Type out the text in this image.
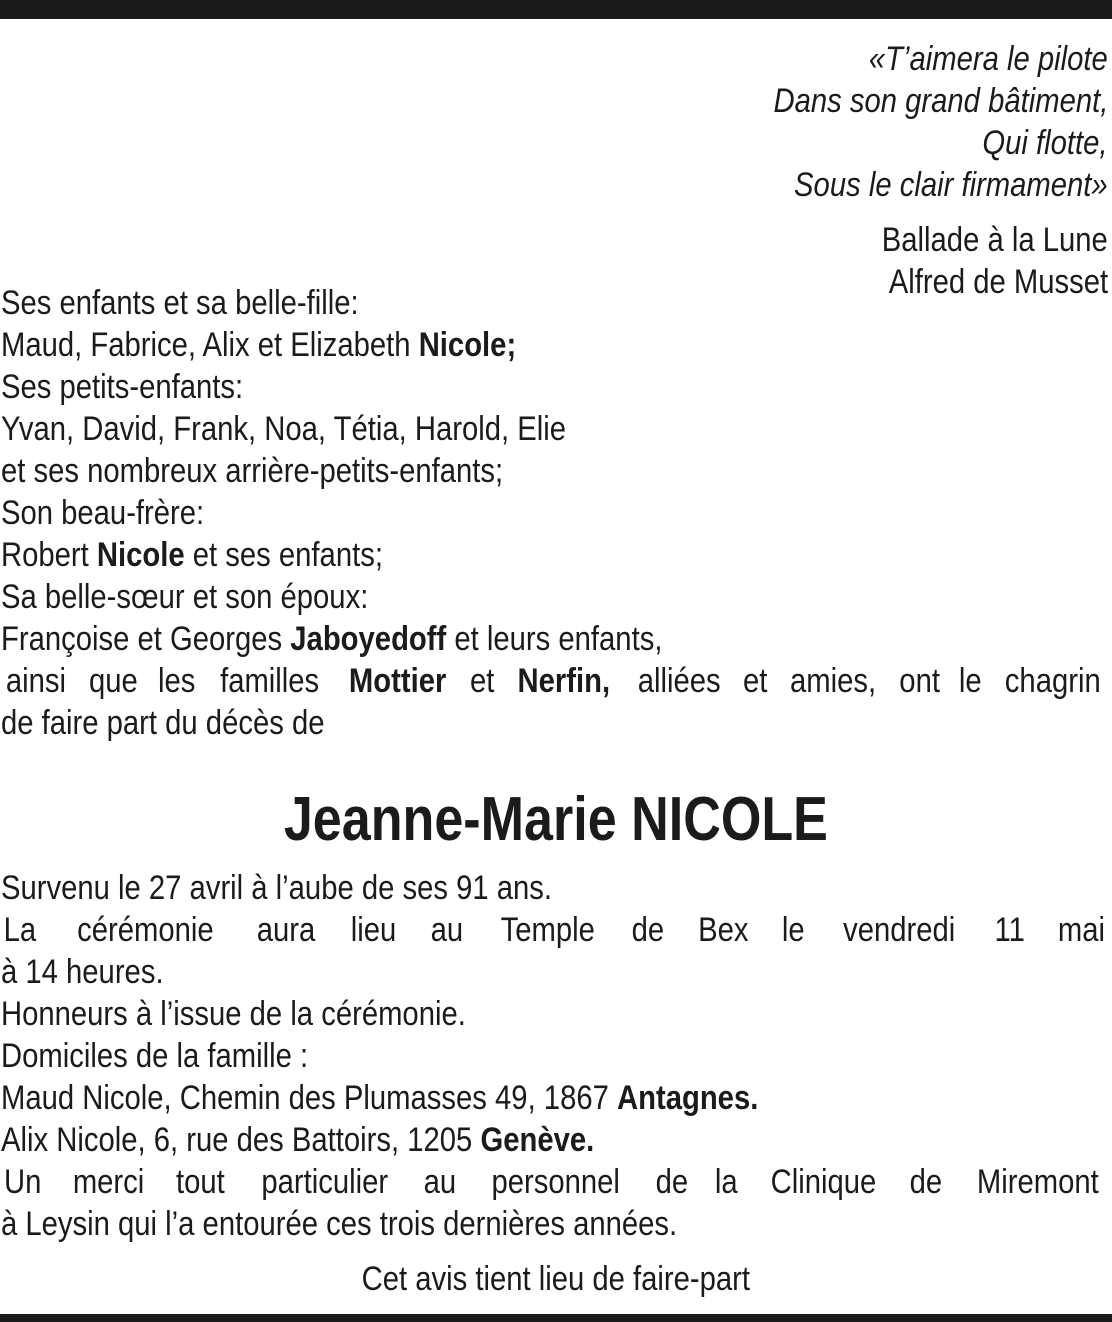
«T’aimera le pilote
Dans son grand bâtiment,
Qui flotte,
Sous le clair firmament»
Ballade à la Lune
Alfred de Musset
Ses enfants et sa belle-fille:
Maud, Fabrice, Alix et Elizabeth Nicole;
Ses petits-enfants:
Yvan, David, Frank, Noa, Tétia, Harold, Elie
et ses nombreux arrière-petits-enfants;
Son beau-frère:
Robert Nicole et ses enfants;
Sa belle-sœur et son époux:
Françoise et Georges Jaboyedoff et leurs enfants,
ainsi que les familles Mottier et Nerfin, alliées et amies, ont le chagrin
de faire part du décès de
Jeanne-Marie NICOLE
Survenu le 27 avril à l’aube de ses 91 ans.
La cérémonie aura lieu au Temple de Bex le vendredi 11 mai
à 14 heures.
Honneurs à l’issue de la cérémonie.
Domiciles de la famille :
Maud Nicole, Chemin des Plumasses 49, 1867 Antagnes.
Alix Nicole, 6, rue des Battoirs, 1205 Genève.
Un merci tout particulier au personnel de la Clinique de Miremont
à Leysin qui l’a entourée ces trois dernières années.
Cet avis tient lieu de faire-part
